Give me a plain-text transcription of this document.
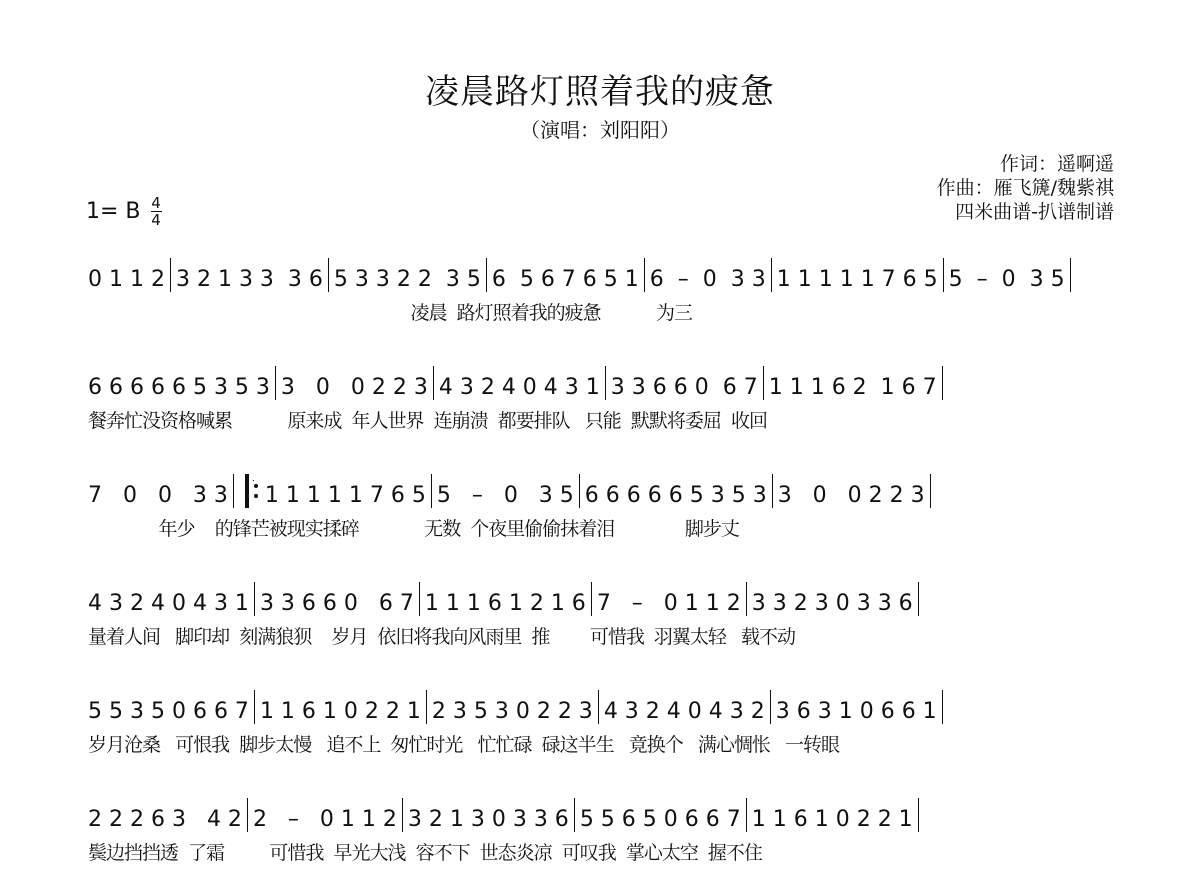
凌晨路灯照着我的疲惫
（演唱：刘阳阳）
作词：遥啊遥
作曲：雁飞篪/魏紫祺
四米曲谱-扒谱制谱
1= B $\frac{4}{4}$
0 1 1 2 3 2 1 3 3  3 6 5 3 3 2 2  3 5 6  5 6 7 6 5 1 6  –  0  3 3 1 1 1 1 1 7 6 5 5  –  0  3 5
凌晨  路灯照着我的疲惫           为三
6 6 6 6 6 5 3 5 3 3   0   0 2 2 3 4 3 2 4 0 4 3 1 3 3 6 6 0  6 7 1 1 1 6 2  1 6 7
餐奔忙没资格喊累           原来成  年人世界  连崩溃  都要排队   只能  默默将委屈  收回
7   0   0   3 3 1 1 1 1 1 7 6 5 5   –   0   3 5 6 6 6 6 6 5 3 5 3 3   0   0 2 2 3
年少    的锋芒被现实揉碎             无数  个夜里偷偷抹着泪              脚步丈
4 3 2 4 0 4 3 1 3 3 6 6 0   6 7 1 1 1 6 1 2 1 6 7   –   0 1 1 2 3 3 2 3 0 3 3 6
量着人间   脚印却  刻满狼狈    岁月  依旧将我向风雨里  推        可惜我  羽翼太轻   载不动
5 5 3 5 0 6 6 7 1 1 6 1 0 2 2 1 2 3 5 3 0 2 2 3 4 3 2 4 0 4 3 2 3 6 3 1 0 6 6 1
岁月沧桑   可恨我  脚步太慢   追不上  匆忙时光   忙忙碌  碌这半生   竟换个   满心惆怅   一转眼
2 2 2 6 3   4 2 2   –   0 1 1 2 3 2 1 3 0 3 3 6 5 5 6 5 0 6 6 7 1 1 6 1 0 2 2 1
鬓边挡挡透  了霜         可惜我  早光大浅  容不下  世态炎凉  可叹我  掌心太空  握不住
